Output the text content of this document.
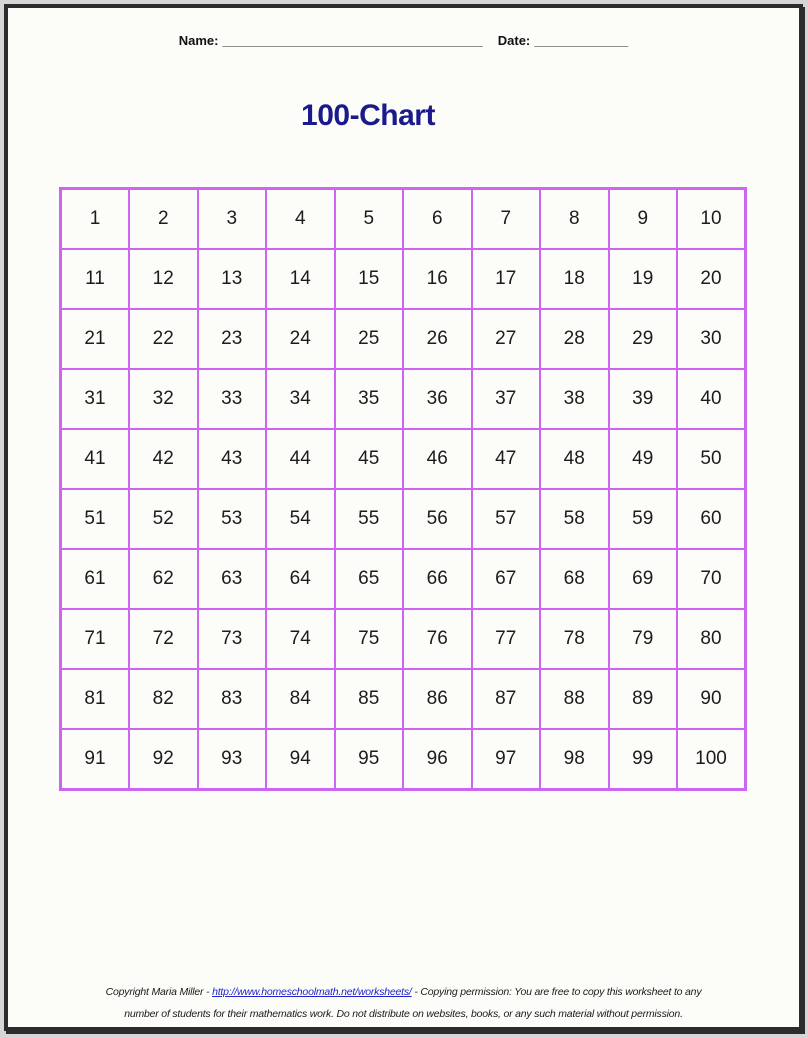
Name: ____________________________________ Date: _____________
100-Chart
1	2	3	4	5	6	7	8	9	10
11	12	13	14	15	16	17	18	19	20
21	22	23	24	25	26	27	28	29	30
31	32	33	34	35	36	37	38	39	40
41	42	43	44	45	46	47	48	49	50
51	52	53	54	55	56	57	58	59	60
61	62	63	64	65	66	67	68	69	70
71	72	73	74	75	76	77	78	79	80
81	82	83	84	85	86	87	88	89	90
91	92	93	94	95	96	97	98	99	100
Copyright Maria Miller - http://www.homeschoolmath.net/worksheets/ - Copying permission: You are free to copy this worksheet to any
number of students for their mathematics work. Do not distribute on websites, books, or any such material without permission.
